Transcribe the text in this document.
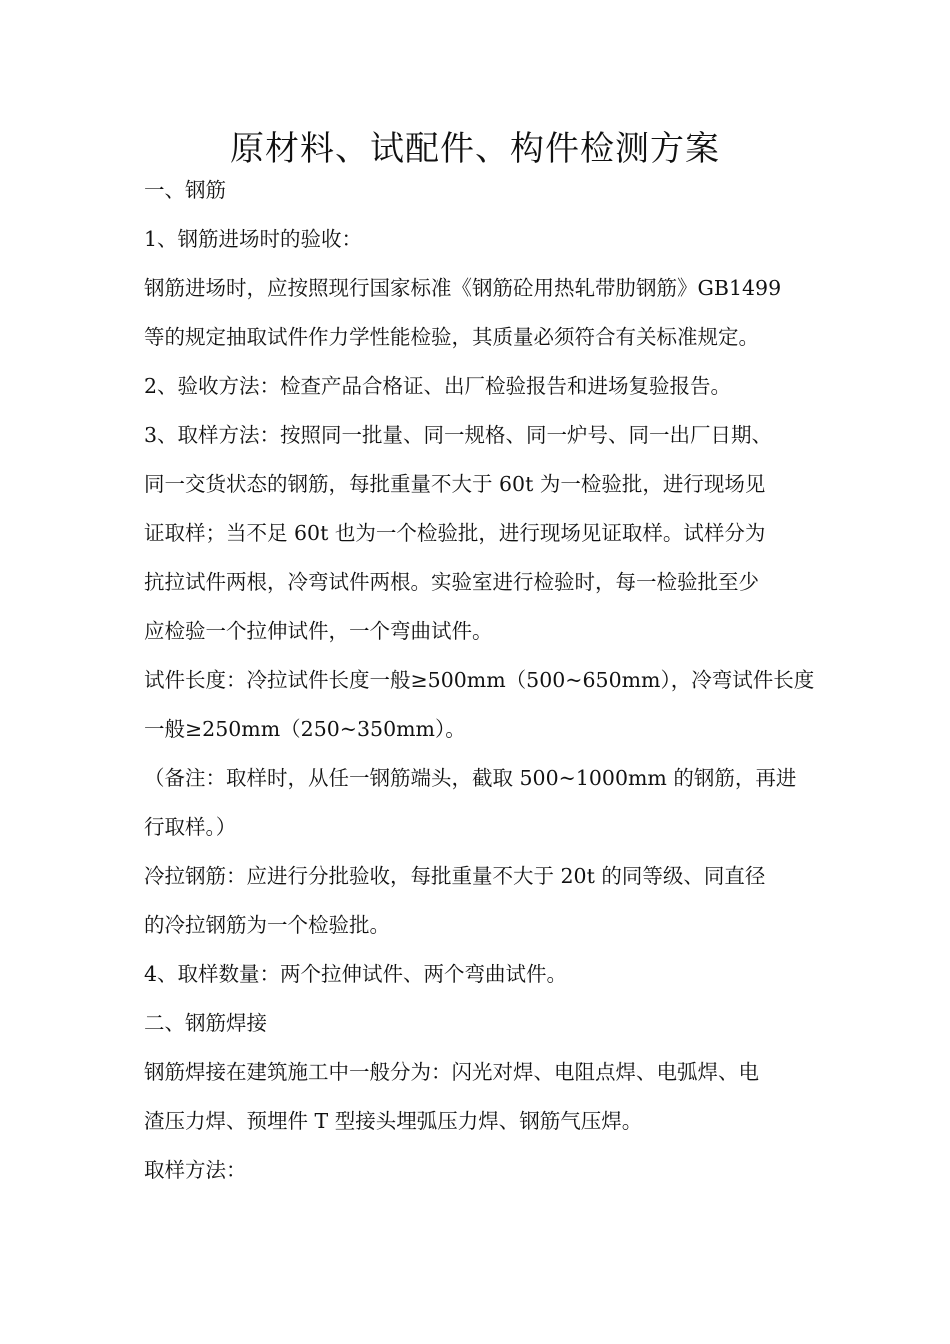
原材料、试配件、构件检测方案

一、钢筋

1、钢筋进场时的验收：

钢筋进场时，应按照现行国家标准《钢筋砼用热轧带肋钢筋》GB1499

等的规定抽取试件作力学性能检验，其质量必须符合有关标准规定。

2、验收方法：检查产品合格证、出厂检验报告和进场复验报告。

3、取样方法：按照同一批量、同一规格、同一炉号、同一出厂日期、

同一交货状态的钢筋，每批重量不大于 60t 为一检验批，进行现场见

证取样；当不足 60t 也为一个检验批，进行现场见证取样。试样分为

抗拉试件两根，冷弯试件两根。实验室进行检验时，每一检验批至少

应检验一个拉伸试件，一个弯曲试件。

试件长度：冷拉试件长度一般≥500mm（500~650mm），冷弯试件长度

一般≥250mm（250~350mm）。

（备注：取样时，从任一钢筋端头，截取 500~1000mm 的钢筋，再进

行取样。）

冷拉钢筋：应进行分批验收，每批重量不大于 20t 的同等级、同直径

的冷拉钢筋为一个检验批。

4、取样数量：两个拉伸试件、两个弯曲试件。

二、钢筋焊接

钢筋焊接在建筑施工中一般分为：闪光对焊、电阻点焊、电弧焊、电

渣压力焊、预埋件 T 型接头埋弧压力焊、钢筋气压焊。

取样方法：
